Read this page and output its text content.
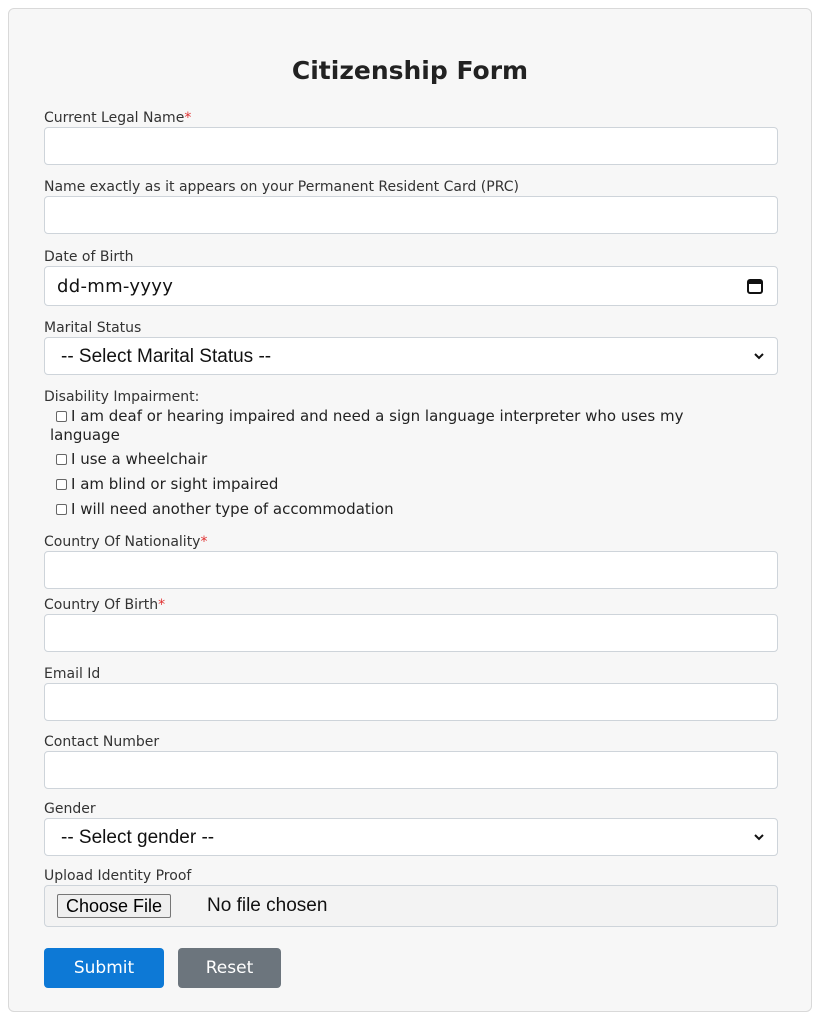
Citizenship Form
Current Legal Name*
Name exactly as it appears on your Permanent Resident Card (PRC)
Date of Birth
dd-mm-yyyy
Marital Status
-- Select Marital Status --
Disability Impairment:
I am deaf or hearing impaired and need a sign language interpreter who uses my
language
I use a wheelchair
I am blind or sight impaired
I will need another type of accommodation
Country Of Nationality*
Country Of Birth*
Email Id
Contact Number
Gender
-- Select gender --
Upload Identity Proof
Choose File	No file chosen
Submit	Reset
